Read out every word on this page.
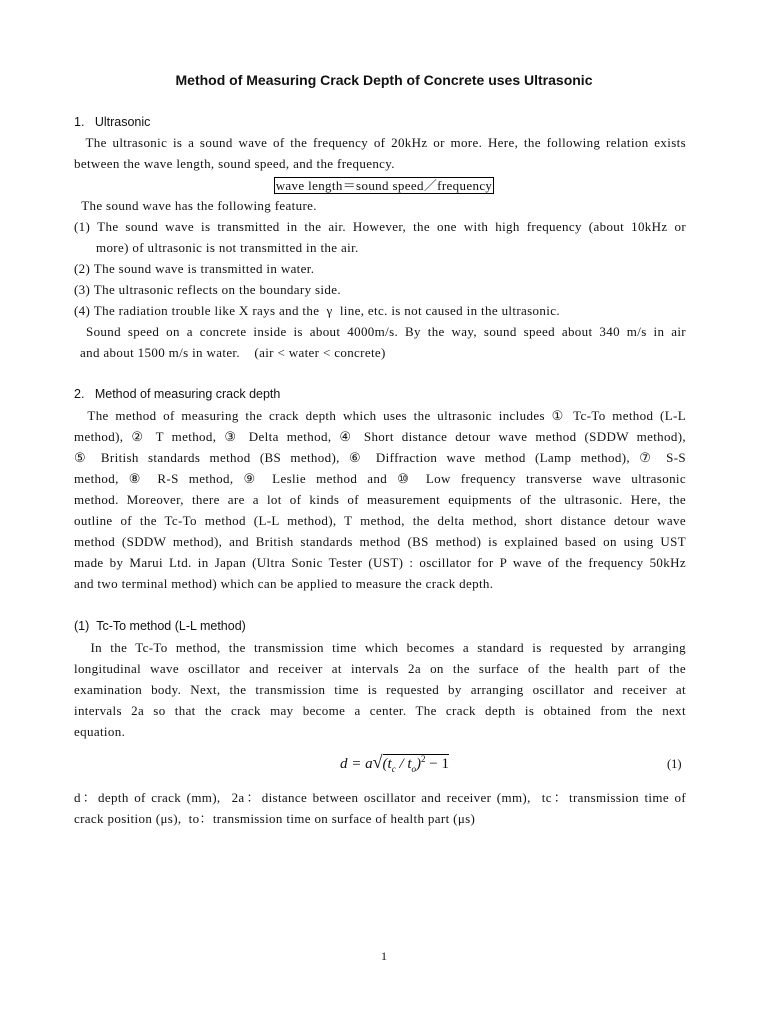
Method of Measuring Crack Depth of Concrete uses Ultrasonic
1.   Ultrasonic
The ultrasonic is a sound wave of the frequency of 20kHz or more. Here, the following relation exists
between the wave length, sound speed, and the frequency.
wave length＝sound speed／frequency
The sound wave has the following feature.
(1) The sound wave is transmitted in the air. However, the one with high frequency (about 10kHz or
more) of ultrasonic is not transmitted in the air.
(2) The sound wave is transmitted in water.
(3) The ultrasonic reflects on the boundary side.
(4) The radiation trouble like X rays and the  γ  line, etc. is not caused in the ultrasonic.
Sound speed on a concrete inside is about 4000m/s. By the way, sound speed about 340 m/s in air
and about 1500 m/s in water.    (air < water < concrete)
2.   Method of measuring crack depth
The method of measuring the crack depth which uses the ultrasonic includes ① Tc-To method (L-L
method), ② T method, ③ Delta method, ④ Short distance detour wave method (SDDW method),
⑤ British standards method (BS method), ⑥ Diffraction wave method (Lamp method), ⑦ S-S
method, ⑧ R-S method, ⑨ Leslie method and ⑩ Low frequency transverse wave ultrasonic
method. Moreover, there are a lot of kinds of measurement equipments of the ultrasonic. Here, the
outline of the Tc-To method (L-L method), T method, the delta method, short distance detour wave
method (SDDW method), and British standards method (BS method) is explained based on using UST
made by Marui Ltd. in Japan (Ultra Sonic Tester (UST) : oscillator for P wave of the frequency 50kHz
and two terminal method) which can be applied to measure the crack depth.
(1)  Tc-To method (L-L method)
In the Tc-To method, the transmission time which becomes a standard is requested by arranging
longitudinal wave oscillator and receiver at intervals 2a on the surface of the health part of the
examination body. Next, the transmission time is requested by arranging oscillator and receiver at
intervals 2a so that the crack may become a center. The crack depth is obtained from the next
equation.
$d = a√(t_c / t_o)^2 - 1$	(1)
d：depth of crack (mm),  2a：distance between oscillator and receiver (mm),  tc：transmission time of
crack position (μs),  to：transmission time on surface of health part (μs)
1
